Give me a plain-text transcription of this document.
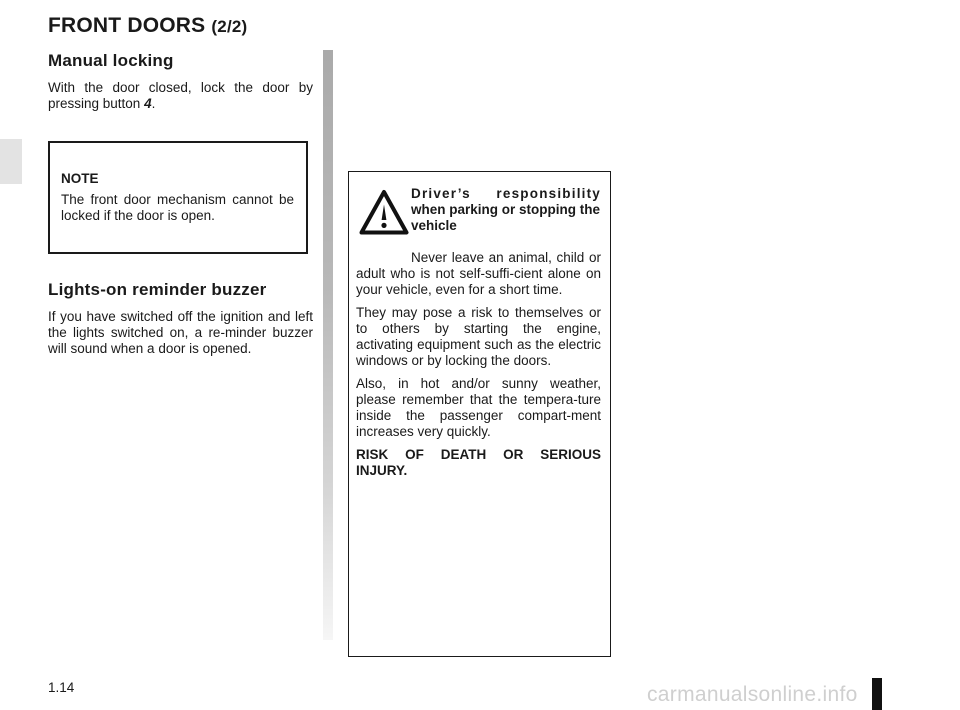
FRONT DOORS (2/2)
Manual locking

With the door closed, lock the door by pressing button 4.

NOTE

The front door mechanism cannot be locked if the door is open.

Lights-on reminder buzzer

If you have switched off the ignition and left the lights switched on, a re-minder buzzer will sound when a door is opened.

Driver’s responsibility
when parking or stopping the vehicle

Never leave an animal, child or adult who is not self-suffi-cient alone on your vehicle, even for a short time.

They may pose a risk to themselves or to others by starting the engine, activating equipment such as the electric windows or by locking the doors.

Also, in hot and/or sunny weather, please remember that the tempera-ture inside the passenger compart-ment increases very quickly.

RISK OF DEATH OR SERIOUS INJURY.

1.14	carmanualsonline.info
